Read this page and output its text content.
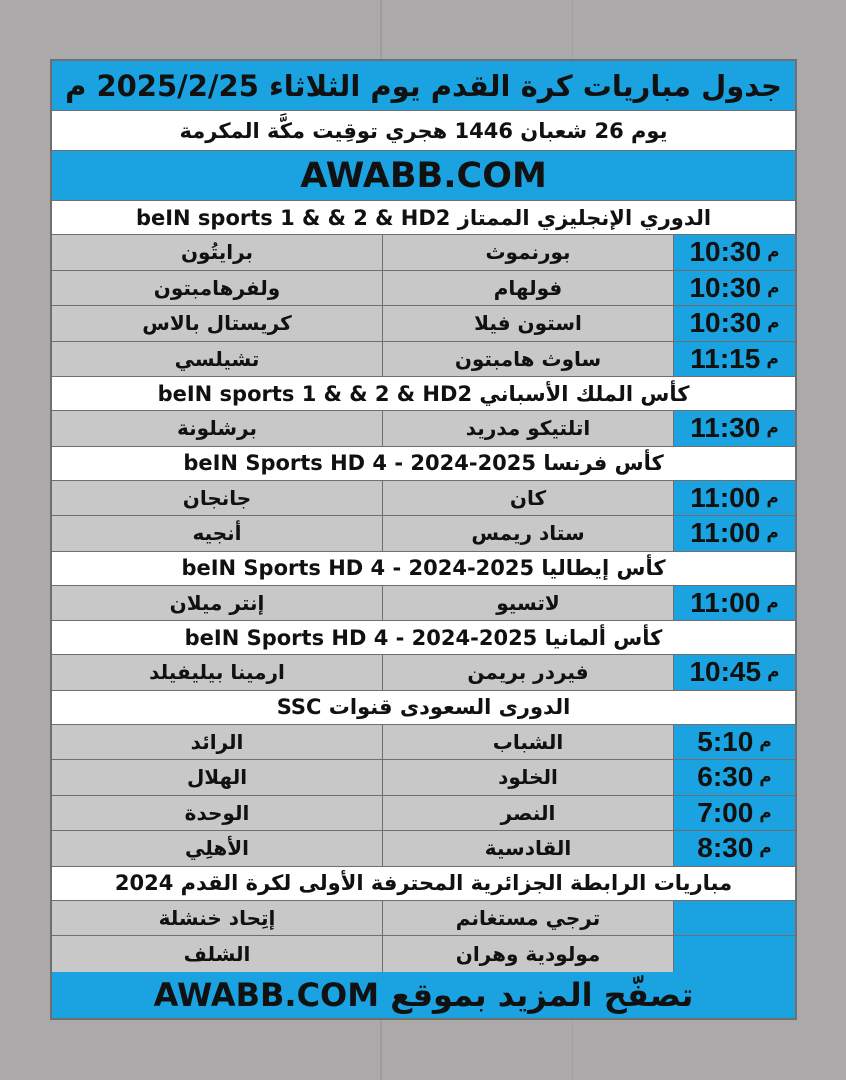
جدول مباريات كرة القدم يوم الثلاثاء 2025/2/25 م
يوم 26 شعبان 1446 هجري توقِيت مكَّة المكرمة
AWABB.COM
الدوري الإنجليزي الممتاز beIN sports 1 & & 2 & HD2
م
10:30
بورنموث
برايتُون
م
10:30
فولهام
ولفرهامبتون
م
10:30
استون فيلا
كريستال بالاس
م
11:15
ساوث هامبتون
تشيلسي
كأس الملك الأسباني beIN sports 1 & & 2 & HD2
م
11:30
اتلتيكو مدريد
برشلونة
كأس فرنسا 2025-2024 - beIN Sports HD 4
م
11:00
كان
جانجان
م
11:00
ستاد ريمس
أنجيه
كأس إيطاليا 2025-2024 - beIN Sports HD 4
م
11:00
لاتسيو
إنتر ميلان
كأس ألمانيا 2025-2024 - beIN Sports HD 4
م
10:45
فيردر بريمن
ارمينا بيليفيلد
الدورى السعودى قنوات SSC
م
5:10
الشباب
الرائد
م
6:30
الخلود
الهلال
م
7:00
النصر
الوحدة
م
8:30
القادسية
الأهلِي
مباريات الرابطة الجزائرية المحترفة الأولى لكرة القدم 2024
ترجي مستغانم
إتِحاد خنشلة
مولودية وهران
الشلف
تصفّح المزيد بموقع AWABB.COM
